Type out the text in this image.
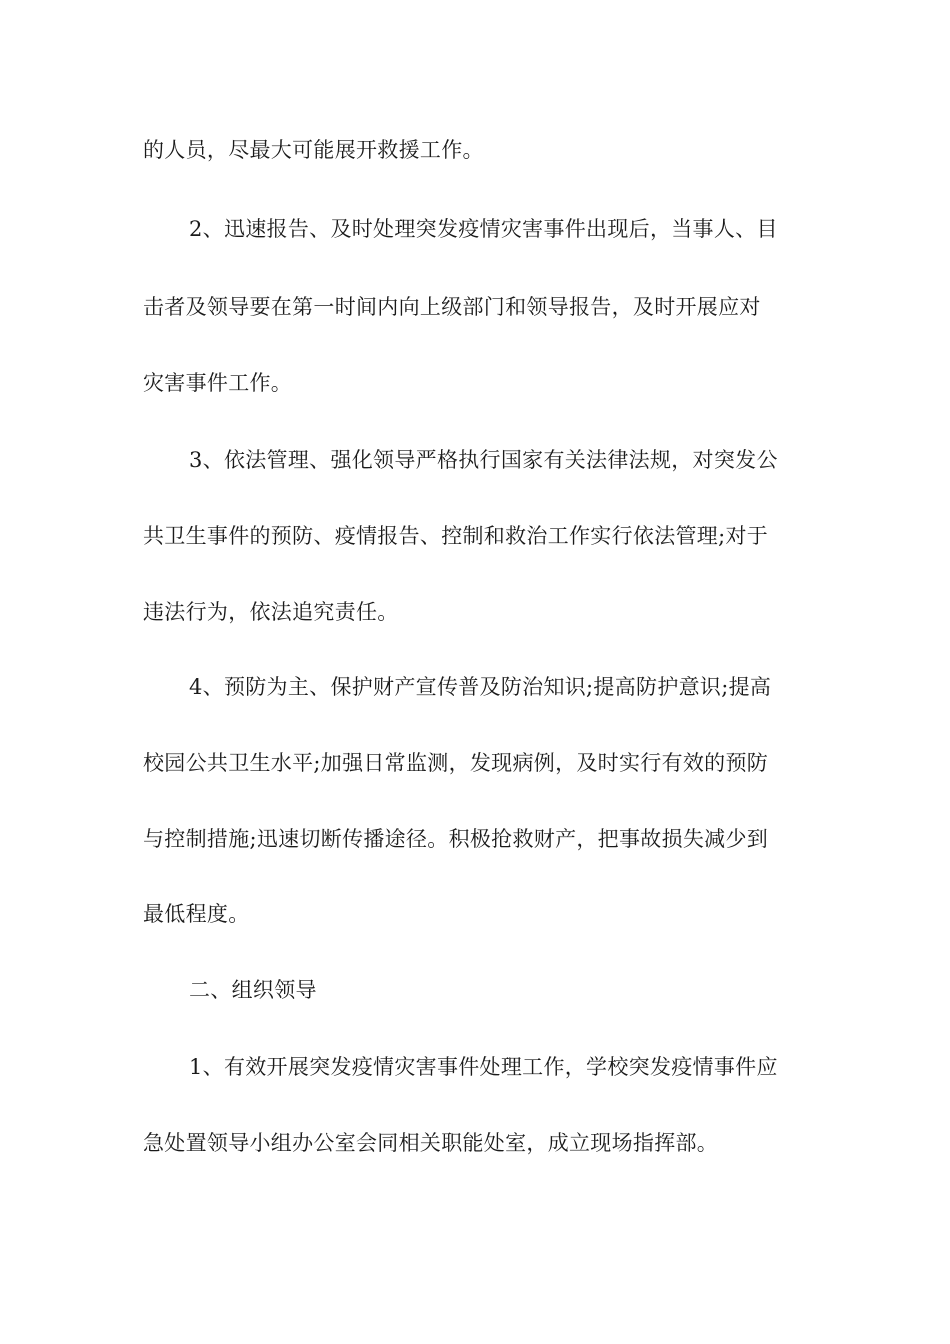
的人员，尽最大可能展开救援工作。
2、迅速报告、及时处理突发疫情灾害事件出现后，当事人、目
击者及领导要在第一时间内向上级部门和领导报告，及时开展应对
灾害事件工作。
3、依法管理、强化领导严格执行国家有关法律法规，对突发公
共卫生事件的预防、疫情报告、控制和救治工作实行依法管理;对于
违法行为，依法追究责任。
4、预防为主、保护财产宣传普及防治知识;提高防护意识;提高
校园公共卫生水平;加强日常监测，发现病例，及时实行有效的预防
与控制措施;迅速切断传播途径。积极抢救财产，把事故损失减少到
最低程度。
二、组织领导
1、有效开展突发疫情灾害事件处理工作，学校突发疫情事件应
急处置领导小组办公室会同相关职能处室，成立现场指挥部。
